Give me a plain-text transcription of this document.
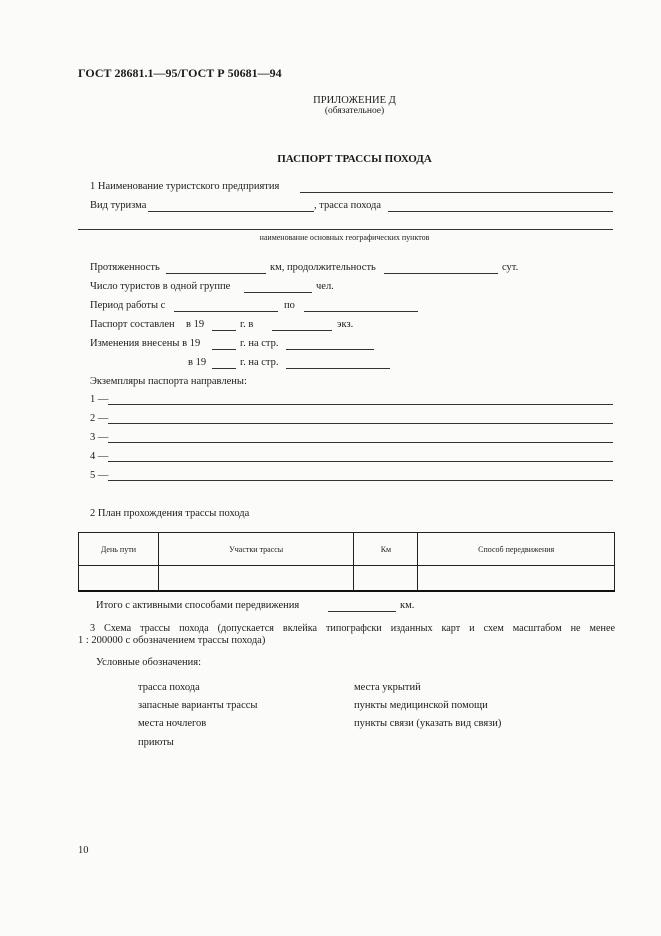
ГОСТ 28681.1—95/ГОСТ Р 50681—94
ПРИЛОЖЕНИЕ Д
(обязательное)
ПАСПОРТ ТРАССЫ ПОХОДА
1 Наименование туристского предприятия
Вид туризма	, трасса похода
наименование основных географических пунктов
Протяженность	км, продолжительность	сут.
Число туристов в одной группе	чел.
Период работы с	по
Паспорт составлен в 19	г. в	экз.
Изменения внесены в 19	г. на стр.
в 19	г. на стр.
Экземпляры паспорта направлены:
1 —
2 —
3 —
4 —
5 —
2 План прохождения трассы похода
День пути	Участки трассы	Км	Способ передвижения

Итого с активными способами передвижения	км.
3 Схема трассы похода (допускается вклейка типографски изданных карт и схем масштабом не менее
1 : 200000 с обозначением трассы похода)
Условные обозначения:
трасса похода
запасные варианты трассы
места ночлегов
приюты
места укрытий
пункты медицинской помощи
пункты связи (указать вид связи)
10
